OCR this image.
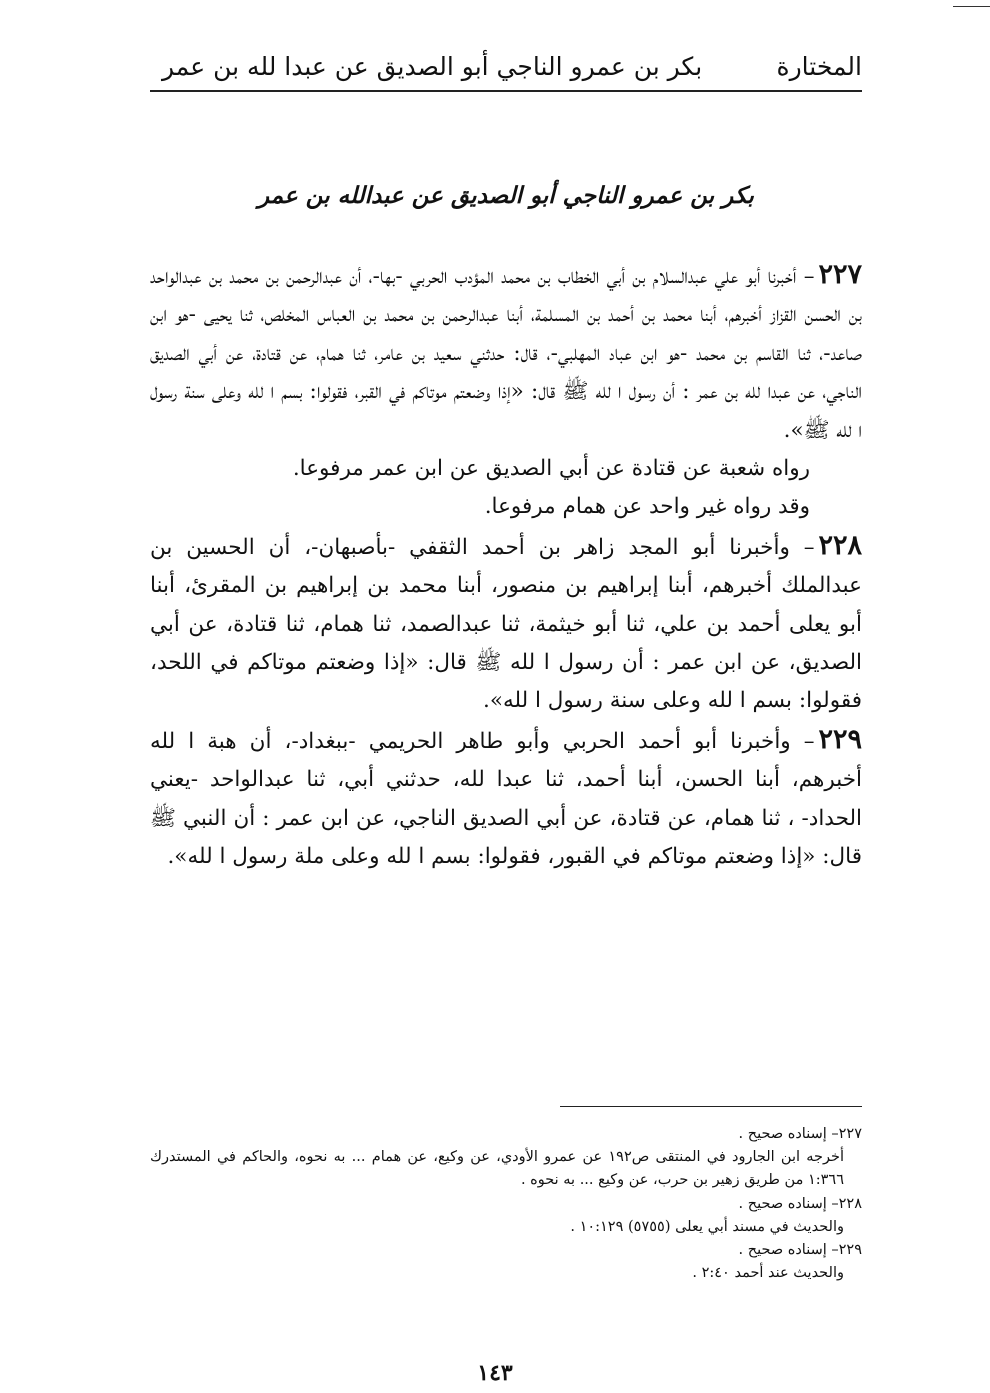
المختارة
بكر بن عمرو الناجي أبو الصديق عن عبدا لله بن عمر
بكر بن عمرو الناجي أبو الصديق عن عبدالله بن عمر

٢٢٧– أخبرنا أبو علي عبدالسلام بن أبي الخطاب بن محمد المؤدب الحربي -بها-، أن عبدالرحمن بن محمد بن عبدالواحد بن الحسن القزاز أخبرهم، أبنا محمد بن أحمد بن المسلمة، أبنا عبدالرحمن بن محمد بن العباس المخلص، ثنا يحيى -هو ابن صاعد-، ثنا القاسم بن محمد -هو ابن عباد المهلبي-، قال: حدثني سعيد بن عامر، ثنا همام، عن قتادة، عن أبي الصديق الناجي، عن عبدا لله بن عمر : أن رسول ا لله ﷺ قال: «إذا وضعتم موتاكم في القبر، فقولوا: بسم ا لله وعلى سنة رسول ا لله ﷺ».

رواه شعبة عن قتادة عن أبي الصديق عن ابن عمر مرفوعا.

وقد رواه غير واحد عن همام مرفوعا.

٢٢٨– وأخبرنا أبو المجد زاهر بن أحمد الثقفي -بأصبهان-، أن الحسين بن عبدالملك أخبرهم، أبنا إبراهيم بن منصور، أبنا محمد بن إبراهيم بن المقرئ، أبنا أبو يعلى أحمد بن علي، ثنا أبو خيثمة، ثنا عبدالصمد، ثنا همام، ثنا قتادة، عن أبي الصديق، عن ابن عمر : أن رسول ا لله ﷺ قال: «إذا وضعتم موتاكم في اللحد، فقولوا: بسم ا لله وعلى سنة رسول ا لله».

٢٢٩– وأخبرنا أبو أحمد الحربي وأبو طاهر الحريمي -ببغداد-، أن هبة ا لله أخبرهم، أبنا الحسن، أبنا أحمد، ثنا عبدا لله، حدثني أبي، ثنا عبدالواحد -يعني الحداد- ، ثنا همام، عن قتادة، عن أبي الصديق الناجي، عن ابن عمر : أن النبي ﷺ قال: «إذا وضعتم موتاكم في القبور، فقولوا: بسم ا لله وعلى ملة رسول ا لله».

٢٢٧– إسناده صحيح .

أخرجه ابن الجارود في المنتقى ص١٩٢ عن عمرو الأودي، عن وكيع، عن همام ... به نحوه، والحاكم في المستدرك ١:٣٦٦ من طريق زهير بن حرب، عن وكيع ... به نحوه .

٢٢٨– إسناده صحيح .

والحديث في مسند أبي يعلى (٥٧٥٥) ١٠:١٢٩ .

٢٢٩– إسناده صحيح .

والحديث عند أحمد ٢:٤٠ .

١٤٣
